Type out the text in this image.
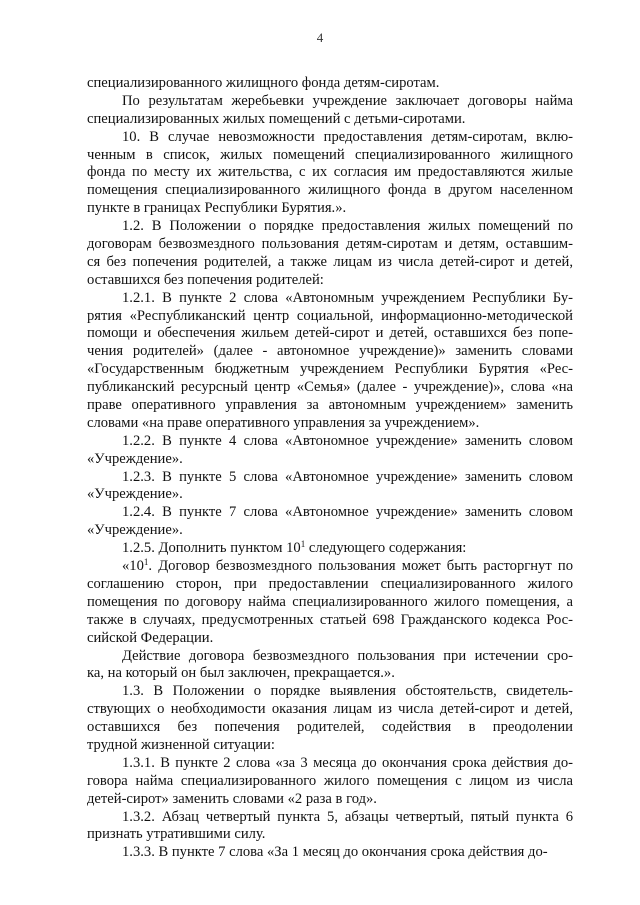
4
специализированного жилищного фонда детям-сиротам.
По результатам жеребьевки учреждение заключает договоры найма
специализированных жилых помещений с детьми-сиротами.
10. В случае невозможности предоставления детям-сиротам, вклю-
ченным в список, жилых помещений специализированного жилищного
фонда по месту их жительства, с их согласия им предоставляются жилые
помещения специализированного жилищного фонда в другом населенном
пункте в границах Республики Бурятия.».
1.2. В Положении о порядке предоставления жилых помещений по
договорам безвозмездного пользования детям-сиротам и детям, оставшим-
ся без попечения родителей, а также лицам из числа детей-сирот и детей,
оставшихся без попечения родителей:
1.2.1. В пункте 2 слова «Автономным учреждением Республики Бу-
рятия «Республиканский центр социальной, информационно-методической
помощи и обеспечения жильем детей-сирот и детей, оставшихся без попе-
чения родителей» (далее - автономное учреждение)» заменить словами
«Государственным бюджетным учреждением Республики Бурятия «Рес-
публиканский ресурсный центр «Семья» (далее - учреждение)», слова «на
праве оперативного управления за автономным учреждением» заменить
словами «на праве оперативного управления за учреждением».
1.2.2. В пункте 4 слова «Автономное учреждение» заменить словом
«Учреждение».
1.2.3. В пункте 5 слова «Автономное учреждение» заменить словом
«Учреждение».
1.2.4. В пункте 7 слова «Автономное учреждение» заменить словом
«Учреждение».
1.2.5. Дополнить пунктом $10^1$ следующего содержания:
«$10^1$. Договор безвозмездного пользования может быть расторгнут по
соглашению сторон, при предоставлении специализированного жилого
помещения по договору найма специализированного жилого помещения, а
также в случаях, предусмотренных статьей 698 Гражданского кодекса Рос-
сийской Федерации.
Действие договора безвозмездного пользования при истечении сро-
ка, на который он был заключен, прекращается.».
1.3. В Положении о порядке выявления обстоятельств, свидетель-
ствующих о необходимости оказания лицам из числа детей-сирот и детей,
оставшихся без попечения родителей, содействия в преодолении
трудной жизненной ситуации:
1.3.1. В пункте 2 слова «за 3 месяца до окончания срока действия до-
говора найма специализированного жилого помещения с лицом из числа
детей-сирот» заменить словами «2 раза в год».
1.3.2. Абзац четвертый пункта 5, абзацы четвертый, пятый пункта 6
признать утратившими силу.
1.3.3. В пункте 7 слова «За 1 месяц до окончания срока действия до-
